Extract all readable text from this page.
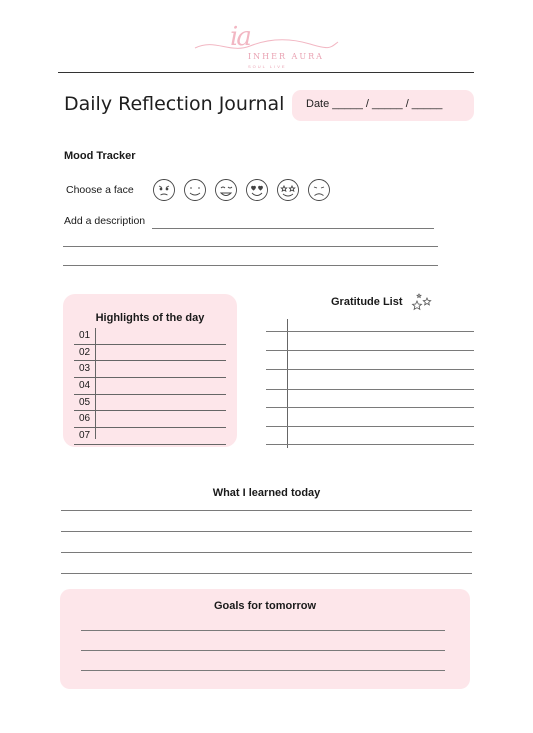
ia
INHER AURA
SOUL LIVE
Daily Reflection Journal Date _____ / _____ / _____
Mood Tracker
Choose a face
Add a description
Highlights of the day
01
02
03
04
05
06
07
Gratitude List
What I learned today
Goals for tomorrow
